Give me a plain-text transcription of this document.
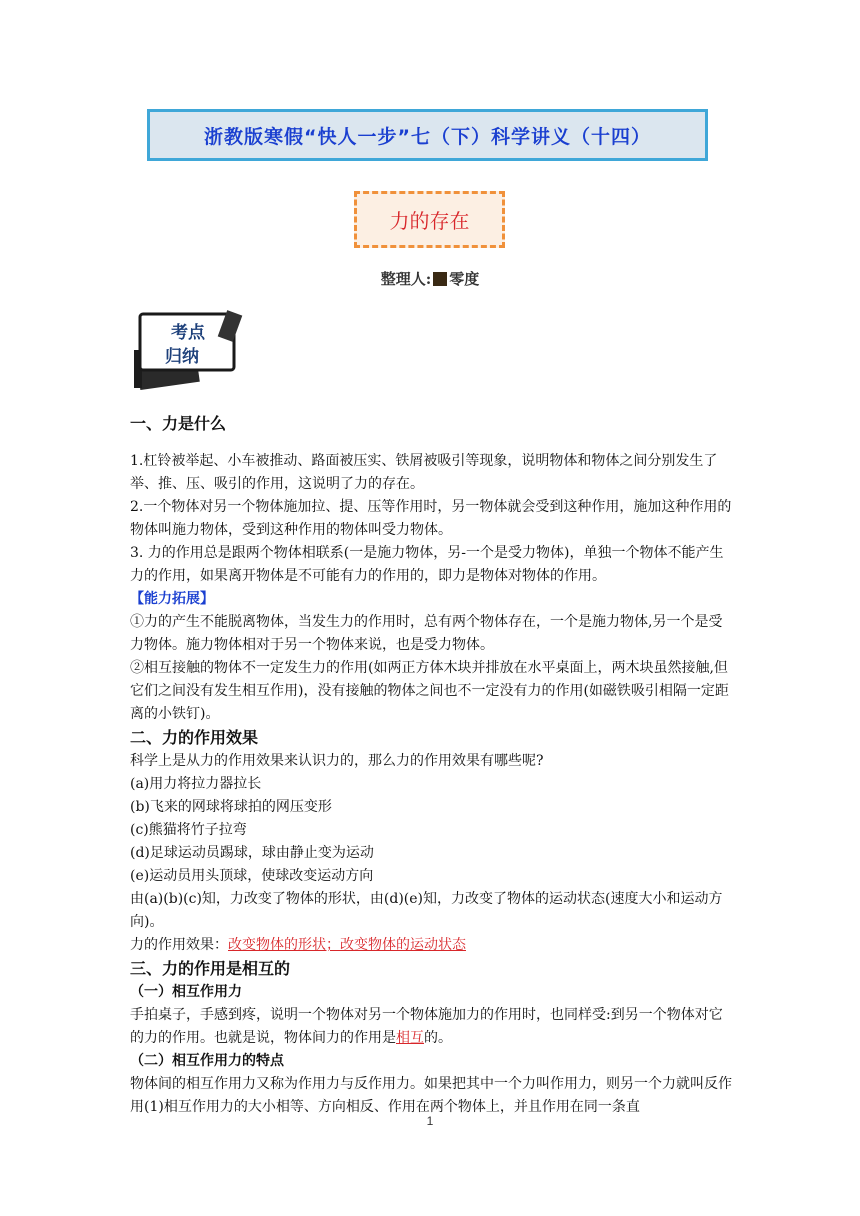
浙教版寒假“快人一步”七（下）科学讲义（十四）
力的存在
整理人: 零度
考点
归纳

一、力是什么

1.杠铃被举起、小车被推动、路面被压实、铁屑被吸引等现象，说明物体和物体之间分别发生了举、推、压、吸引的作用，这说明了力的存在。

2.一个物体对另一个物体施加拉、提、压等作用时，另一物体就会受到这种作用，施加这种作用的物体叫施力物体，受到这种作用的物体叫受力物体。

3. 力的作用总是跟两个物体相联系(一是施力物体，另-一个是受力物体)，单独一个物体不能产生力的作用，如果离开物体是不可能有力的作用的，即力是物体对物体的作用。

【能力拓展】

①力的产生不能脱离物体，当发生力的作用时，总有两个物体存在，一个是施力物体,另一个是受力物体。施力物体相对于另一个物体来说，也是受力物体。

②相互接触的物体不一定发生力的作用(如两正方体木块并排放在水平桌面上，两木块虽然接触,但它们之间没有发生相互作用)，没有接触的物体之间也不一定没有力的作用(如磁铁吸引相隔一定距离的小铁钉)。

二、力的作用效果

科学上是从力的作用效果来认识力的，那么力的作用效果有哪些呢?

(a)用力将拉力器拉长

(b)飞来的网球将球拍的网压变形

(c)熊猫将竹子拉弯

(d)足球运动员踢球，球由静止变为运动

(e)运动员用头顶球，使球改变运动方向

由(a)(b)(c)知，力改变了物体的形状，由(d)(e)知，力改变了物体的运动状态(速度大小和运动方向)。

力的作用效果：改变物体的形状；改变物体的运动状态

三、力的作用是相互的

（一）相互作用力

手拍桌子，手感到疼，说明一个物体对另一个物体施加力的作用时，也同样受:到另一个物体对它的力的作用。也就是说，物体间力的作用是相互的。

（二）相互作用力的特点

物体间的相互作用力又称为作用力与反作用力。如果把其中一个力叫作用力，则另一个力就叫反作用(1)相互作用力的大小相等、方向相反、作用在两个物体上，并且作用在同一条直

1
